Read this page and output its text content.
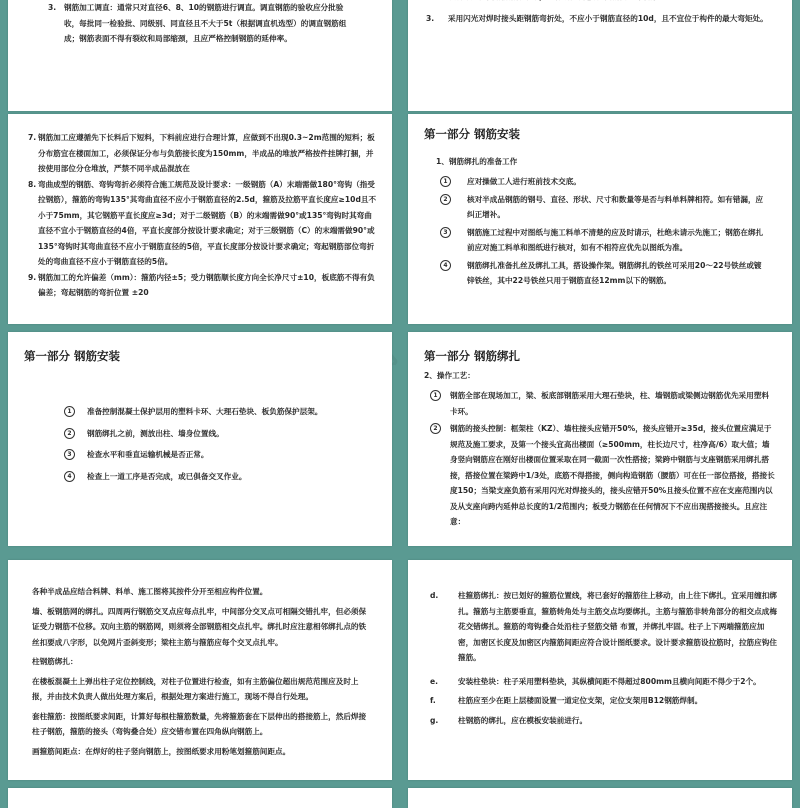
3.	钢筋加工调直：通常只对直径6、8、10的钢筋进行调直。调直钢筋的验收应分批验收，每批同一检验批、同级别、同直径且不大于5t（根据调直机选型）的调直钢筋组成；钢筋表面不得有裂纹和局部缩颈，且应严格控制钢筋的延伸率。

3.	采用闪光对焊时接头距钢筋弯折处，不应小于钢筋直径的10d，且不宜位于构件的最大弯矩处。

7. 钢筋加工应遵循先下长料后下短料，下料前应进行合理计算，应做到不出现0.3~2m范围的短料；板分布筋宜在楼面加工，必须保证分布与负筋接长度为150mm，半成品的堆放严格按件挂牌打捆，并按使用部位分仓堆放，严禁不同半成品混放在

8. 弯曲成型的钢筋、弯钩弯折必须符合施工规范及设计要求：一级钢筋（A）末端需做180°弯钩（指受拉钢筋），箍筋的弯钩135°其弯曲直径不应小于钢筋直径的2.5d，箍筋及拉筋平直长度应≥10d且不小于75mm，其它钢筋平直长度应≥3d；对于二级钢筋（B）的末端需做90°或135°弯钩时其弯曲直径不宜小于钢筋直径的4倍，平直长度部分按设计要求确定；对于三级钢筋（C）的末端需做90°或135°弯钩时其弯曲直径不应小于钢筋直径的5倍，平直长度部分按设计要求确定；弯起钢筋部位弯折处的弯曲直径不应小于钢筋直径的5倍。

9. 钢筋加工的允许偏差（mm）：箍筋内径±5；受力钢筋顺长度方向全长净尺寸±10，板底筋不得有负偏差；弯起钢筋的弯折位置 ±20

第一部分 钢筋安装

1、钢筋绑扎的准备工作

1	应对操做工人进行班前技术交底。

2	核对半成品钢筋的钢号、直径、形状、尺寸和数量等是否与料单料牌相符。如有错漏，应纠正增补。

3	钢筋施工过程中对图纸与施工料单不清楚的应及时请示，杜绝未请示先施工；钢筋在绑扎前应对施工料单和图纸进行核对，如有不相符应优先以图纸为准。

4	钢筋绑扎准备扎丝及绑扎工具，搭设操作架。钢筋绑扎的铁丝可采用20～22号铁丝或镀锌铁丝，其中22号铁丝只用于钢筋直径12mm以下的钢筋。

第一部分 钢筋安装

1	准备控制混凝土保护层用的塑料卡环、大理石垫块、板负筋保护层架。

2	钢筋绑扎之前，测放出柱、墙身位置线。

3	检查水平和垂直运输机械是否正常。

4	检查上一道工序是否完成，或已俱备交叉作业。

第一部分 钢筋绑扎

2、操作工艺：

1	钢筋全部在现场加工，梁、板底部钢筋采用大理石垫块，柱、墙钢筋或梁侧边钢筋优先采用塑料卡环。

2	钢筋的接头控制：框架柱（KZ）、墙柱接头应错开50%，接头应错开≥35d，接头位置应满足于规范及施工要求，及第一个接头宜高出楼面（≥500mm，柱长边尺寸，柱净高/6）取大值；墙身竖向钢筋应在刚好出楼面位置采取在同一截面一次性搭接；梁跨中钢筋与支座钢筋采用绑扎搭接，搭接位置在梁跨中1/3处，底筋不得搭接，侧向构造钢筋（腰筋）可在任一部位搭接，搭接长度150；当梁支座负筋有采用闪光对焊接头的，接头应错开50%且接头位置不应在支座范围内以及从支座向跨内延伸总长度的1/2范围内；板受力钢筋在任何情况下不应出现搭接接头。且应注意：

各种半成品应结合料牌、料单、施工图将其按件分开至相应构件位置。

墙、板钢筋网的绑扎。四周两行钢筋交叉点应每点扎牢，中间部分交叉点可相隔交错扎牢，但必须保证受力钢筋不位移。双向主筋的钢筋网，则须将全部钢筋相交点扎牢。绑扎时应注意相邻绑扎点的铁丝扣要成八字形，以免网片歪斜变形；梁柱主筋与箍筋应每个交叉点扎牢。

柱钢筋绑扎：

在楼板混凝土上弹出柱子定位控制线，对柱子位置进行检查，如有主筋偏位超出规范范围应及时上报，并由技术负责人做出处理方案后，根据处理方案进行施工，现场不得自行处理。

套柱箍筋：按图纸要求间距，计算好每根柱箍筋数量，先将箍筋套在下层伸出的搭接筋上，然后焊接柱子钢筋，箍筋的接头（弯钩叠合处）应交错布置在四角纵向钢筋上。

画箍筋间距点：在焊好的柱子竖向钢筋上，按图纸要求用粉笔划箍筋间距点。

d.	柱箍筋绑扎：按已划好的箍筋位置线，将已套好的箍筋往上移动，由上往下绑扎，宜采用缠扣绑扎。箍筋与主筋要垂直，箍筋转角处与主筋交点均要绑扎，主筋与箍筋非转角部分的相交点成梅花交错绑扎。箍筋的弯钩叠合处沿柱子竖筋交错 布置，并绑扎牢固。柱子上下两端箍筋应加密，加密区长度及加密区内箍筋间距应符合设计图纸要求。设计要求箍筋设拉筋时，拉筋应钩住箍筋。

e.	安装柱垫块：柱子采用塑料垫块，其纵横间距不得超过800mm且横向间距不得少于2个。

f.	柱筋应至少在距上层楼面设置一道定位支架，定位支架用B12钢筋焊制。

g.	柱钢筋的绑扎，应在模板安装前进行。
